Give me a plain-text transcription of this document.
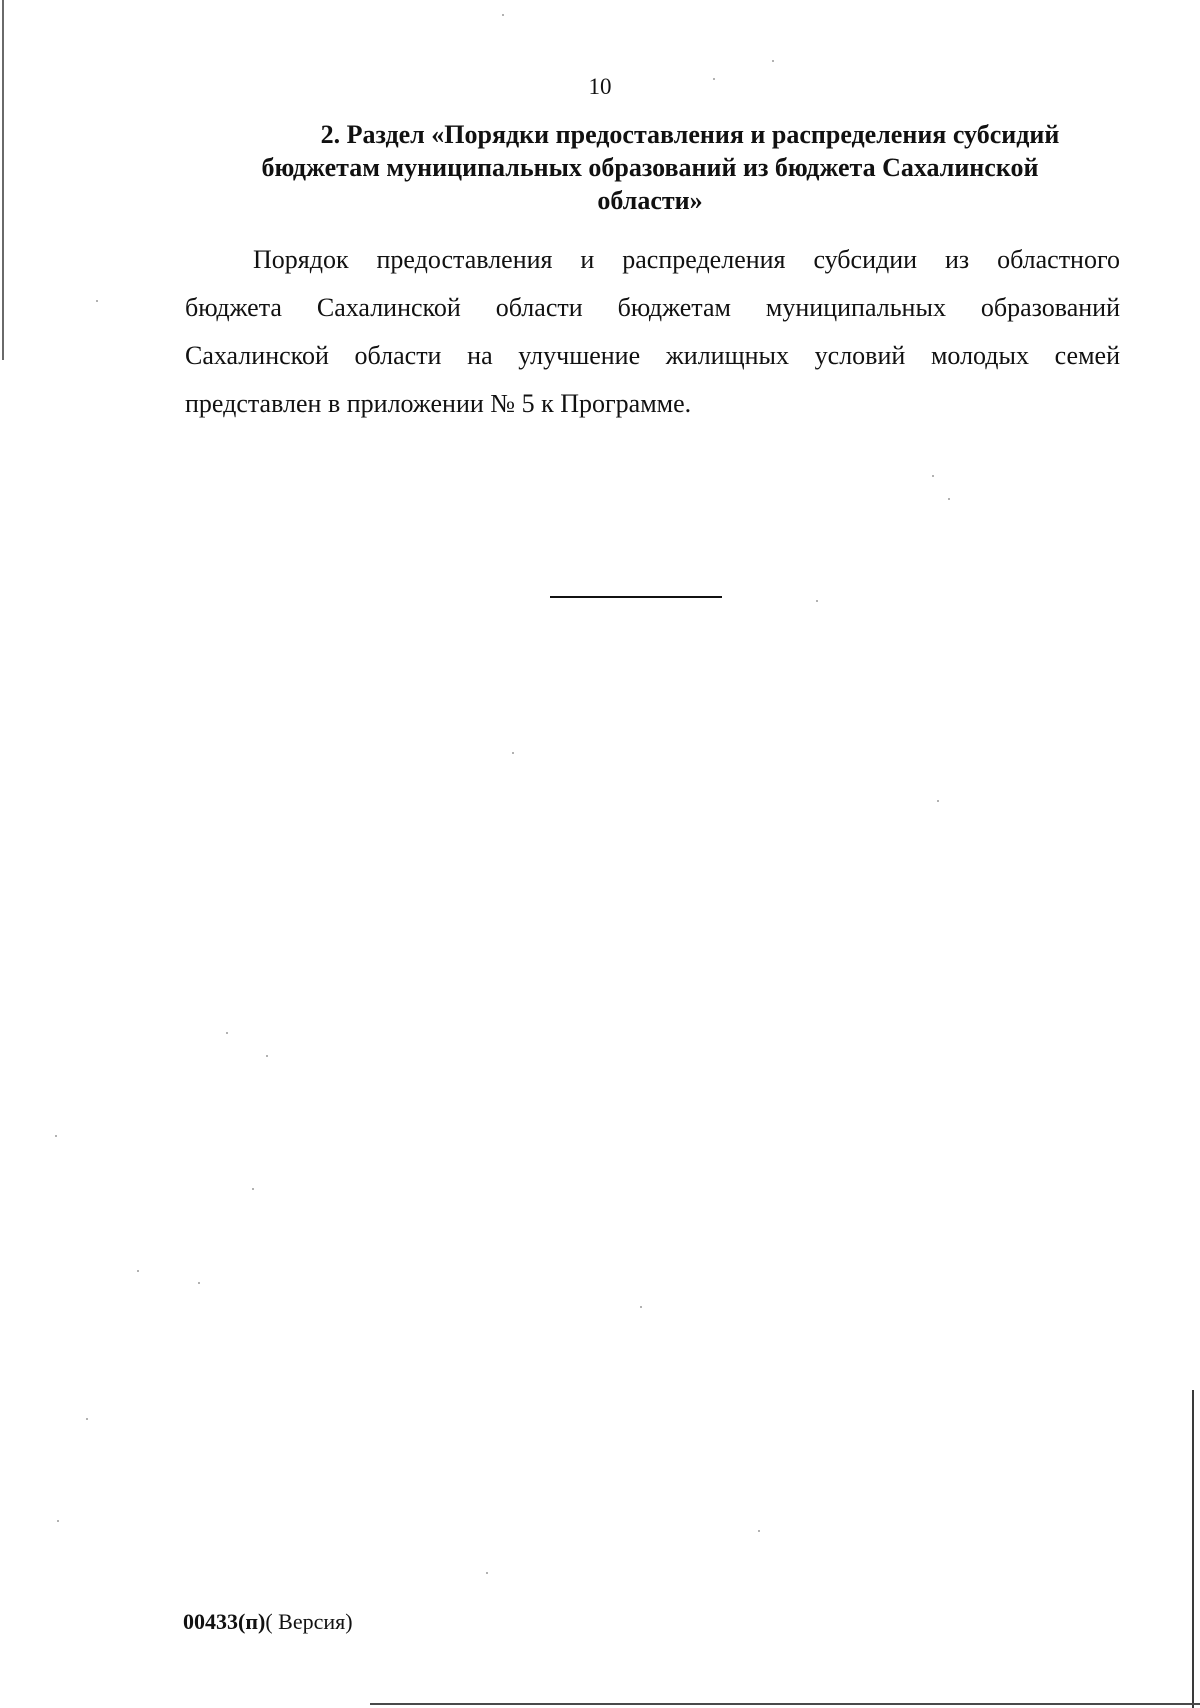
10
2. Раздел «Порядки предоставления и распределения субсидий
бюджетам муниципальных образований из бюджета Сахалинской
области»
Порядок предоставления и распределения субсидии из областного
бюджета Сахалинской области бюджетам муниципальных образований
Сахалинской области на улучшение жилищных условий молодых семей
представлен в приложении № 5 к Программе.
00433(п)( Версия)
